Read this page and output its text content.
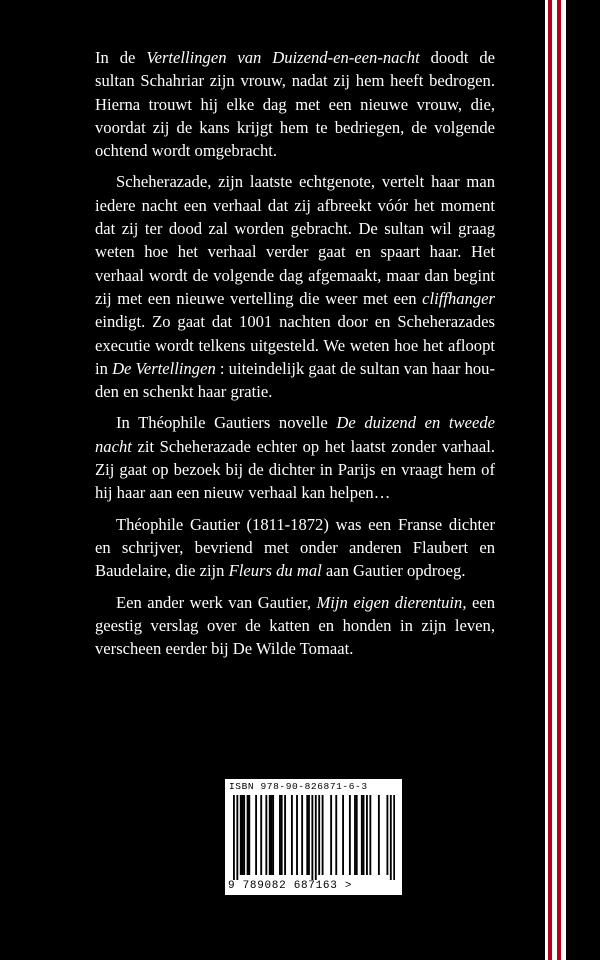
In de Vertellingen van Duizend-en-een-nacht doodt de sultan Schahriar zijn vrouw, nadat zij hem heeft bedrogen. Hierna trouwt hij elke dag met een nieuwe vrouw, die, voordat zij de kans krijgt hem te bedriegen, de volgende ochtend wordt omgebracht.

Scheherazade, zijn laatste echtgenote, vertelt haar man iedere nacht een verhaal dat zij afbreekt vóór het moment dat zij ter dood zal worden gebracht. De sultan wil graag weten hoe het verhaal verder gaat en spaart haar. Het verhaal wordt de volgende dag afgemaakt, maar dan begint zij met een nieuwe vertelling die weer met een cliffhanger eindigt. Zo gaat dat 1001 nachten door en Scheherazades executie wordt telkens uitgesteld. We weten hoe het afloopt in De Vertellingen : uiteindelijk gaat de sultan van haar houden en schenkt haar gratie.

In Théophile Gautiers novelle De duizend en tweede nacht zit Scheherazade echter op het laatst zonder varhaal. Zij gaat op bezoek bij de dichter in Parijs en vraagt hem of hij haar aan een nieuw verhaal kan helpen…

Théophile Gautier (1811-1872) was een Franse dichter en schrijver, bevriend met onder anderen Flaubert en Baudelaire, die zijn Fleurs du mal aan Gautier opdroeg.

Een ander werk van Gautier, Mijn eigen dierentuin, een geestig verslag over de katten en honden in zijn leven, verscheen eerder bij De Wilde Tomaat.

ISBN 978-90-826871-6-3
9 789082 687163 >
